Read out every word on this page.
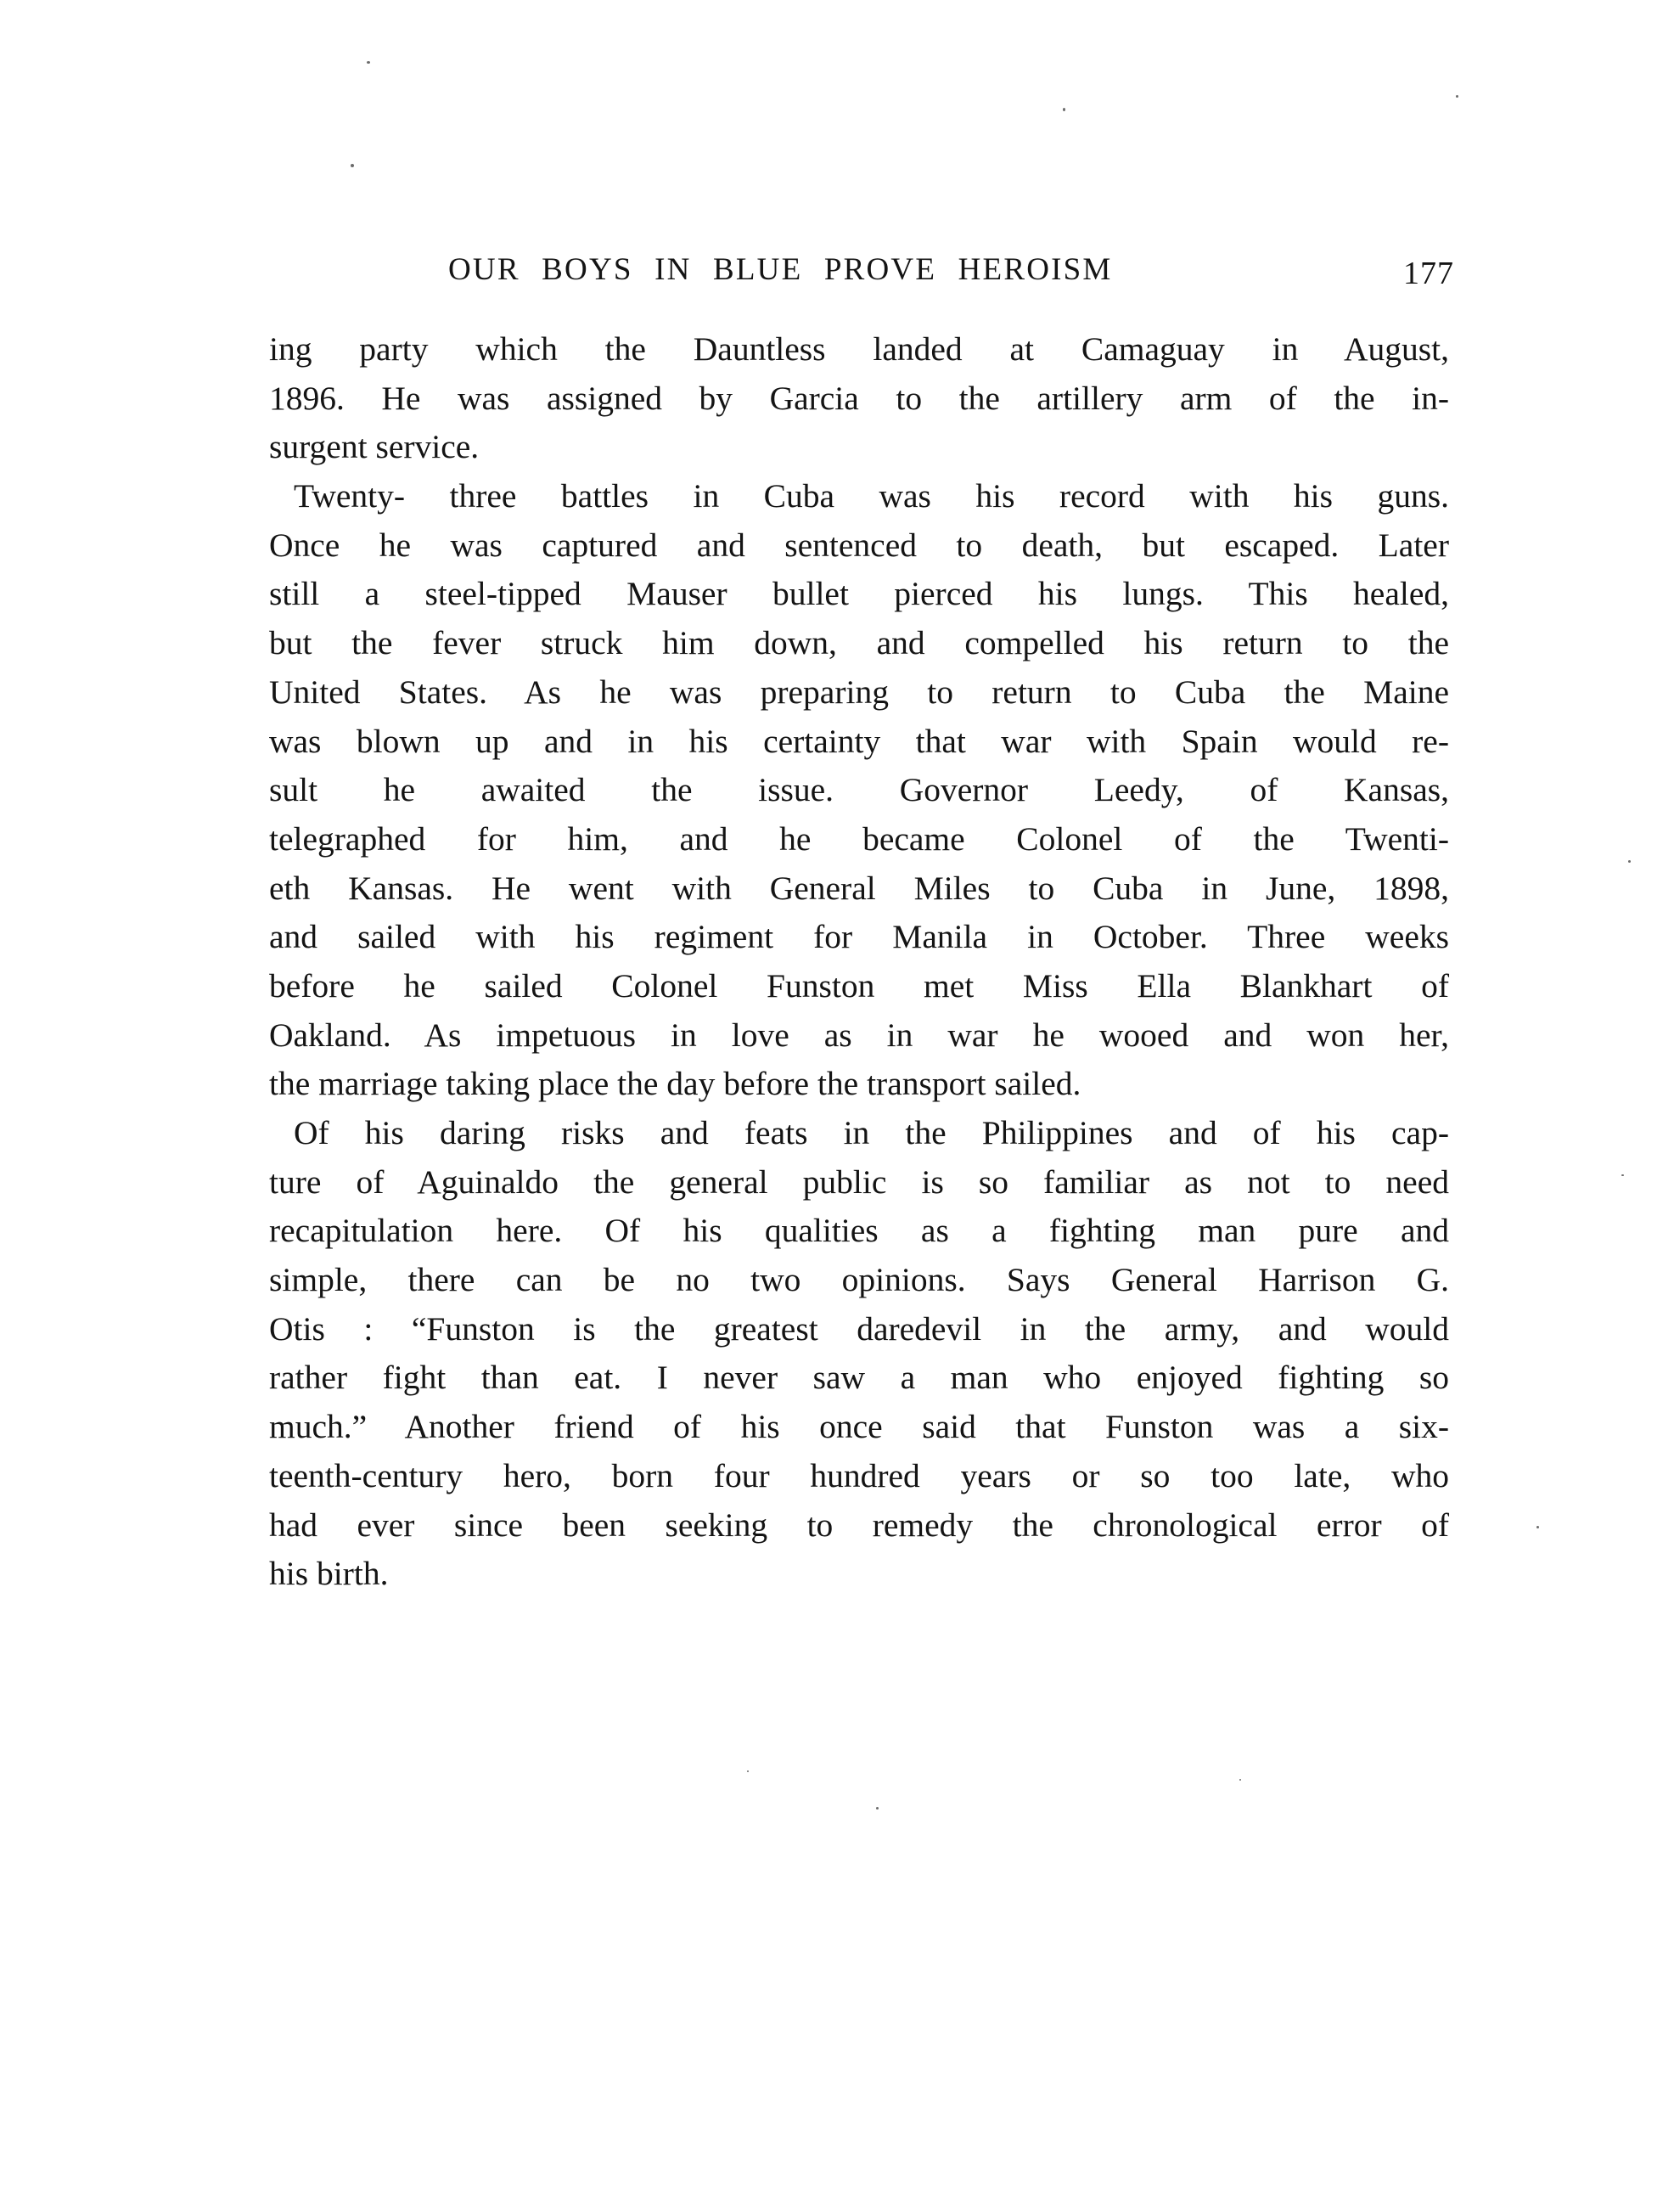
OUR BOYS IN BLUE PROVE HEROISM	177
ing party which the Dauntless landed at Camaguay in August,
1896. He was assigned by Garcia to the artillery arm of the in-
surgent service.
Twenty- three battles in Cuba was his record with his guns.
Once he was captured and sentenced to death, but escaped. Later
still a steel-tipped Mauser bullet pierced his lungs. This healed,
but the fever struck him down, and compelled his return to the
United States. As he was preparing to return to Cuba the Maine
was blown up and in his certainty that war with Spain would re-
sult he awaited the issue. Governor Leedy, of Kansas,
telegraphed for him, and he became Colonel of the Twenti-
eth Kansas. He went with General Miles to Cuba in June, 1898,
and sailed with his regiment for Manila in October. Three weeks
before he sailed Colonel Funston met Miss Ella Blankhart of
Oakland. As impetuous in love as in war he wooed and won her,
the marriage taking place the day before the transport sailed.
Of his daring risks and feats in the Philippines and of his cap-
ture of Aguinaldo the general public is so familiar as not to need
recapitulation here. Of his qualities as a fighting man pure and
simple, there can be no two opinions. Says General Harrison G.
Otis : “Funston is the greatest daredevil in the army, and would
rather fight than eat. I never saw a man who enjoyed fighting so
much.” Another friend of his once said that Funston was a six-
teenth-century hero, born four hundred years or so too late, who
had ever since been seeking to remedy the chronological error of
his birth.
